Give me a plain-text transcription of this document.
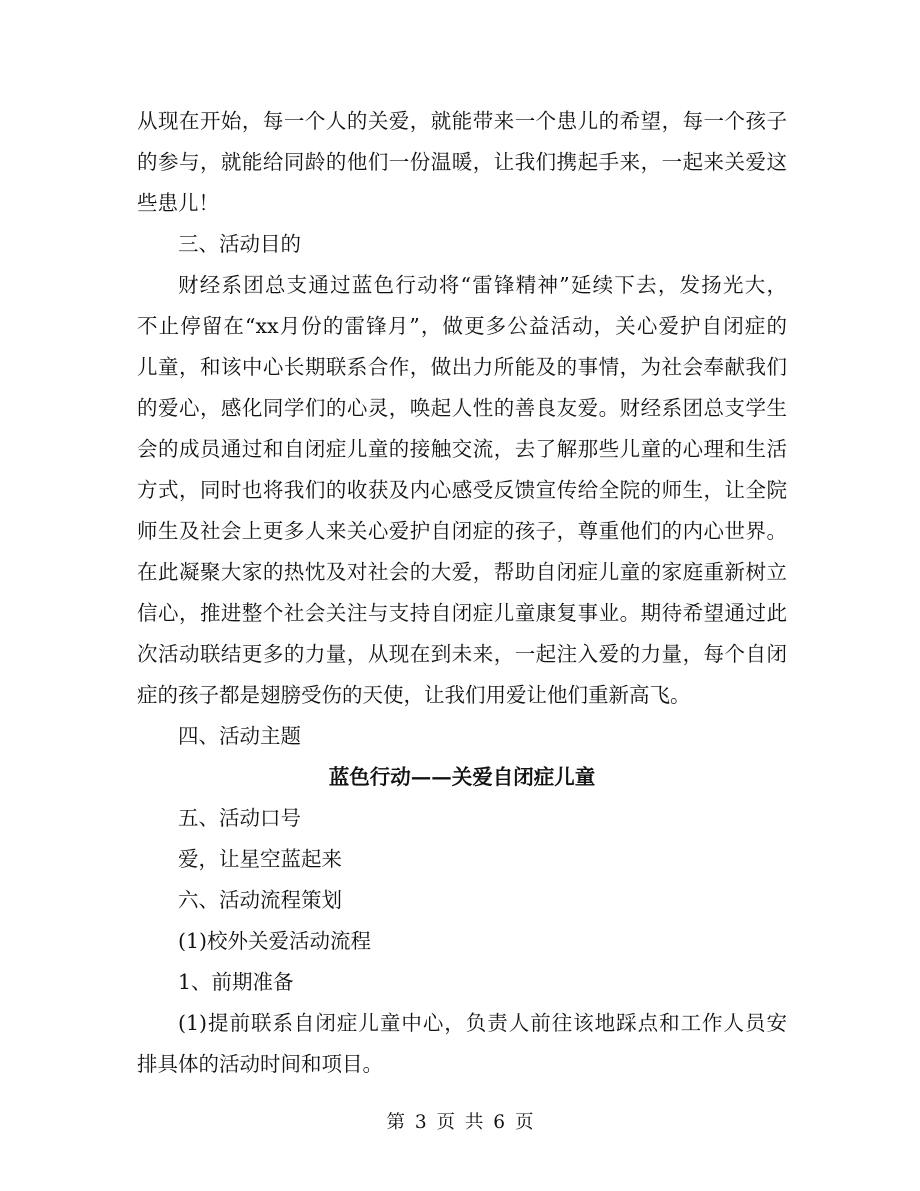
从现在开始，每一个人的关爱，就能带来一个患儿的希望，每一个孩子
的参与，就能给同龄的他们一份温暖，让我们携起手来，一起来关爱这
些患儿！
三、活动目的
财经系团总支通过蓝色行动将“雷锋精神”延续下去，发扬光大，
不止停留在“xx月份的雷锋月”，做更多公益活动，关心爱护自闭症的
儿童，和该中心长期联系合作，做出力所能及的事情，为社会奉献我们
的爱心，感化同学们的心灵，唤起人性的善良友爱。财经系团总支学生
会的成员通过和自闭症儿童的接触交流，去了解那些儿童的心理和生活
方式，同时也将我们的收获及内心感受反馈宣传给全院的师生，让全院
师生及社会上更多人来关心爱护自闭症的孩子，尊重他们的内心世界。
在此凝聚大家的热忱及对社会的大爱，帮助自闭症儿童的家庭重新树立
信心，推进整个社会关注与支持自闭症儿童康复事业。期待希望通过此
次活动联结更多的力量，从现在到未来，一起注入爱的力量，每个自闭
症的孩子都是翅膀受伤的天使，让我们用爱让他们重新高飞。
四、活动主题
蓝色行动——关爱自闭症儿童
五、活动口号
爱，让星空蓝起来
六、活动流程策划
(1)校外关爱活动流程
1、前期准备
(1)提前联系自闭症儿童中心，负责人前往该地踩点和工作人员安
排具体的活动时间和项目。
第 3 页 共 6 页
